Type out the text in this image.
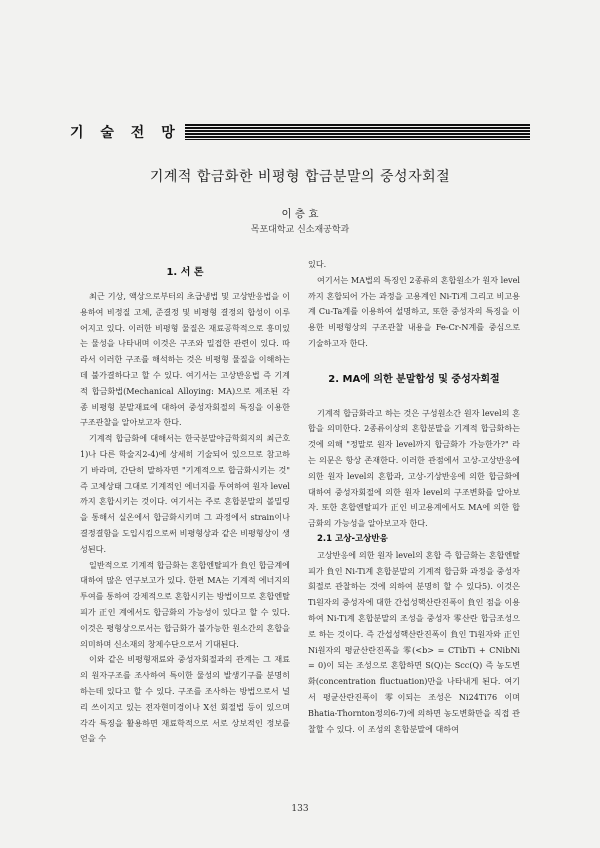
기 술 전 망
기계적 합금화한 비평형 합금분말의 중성자회절
이 층 효
목포대학교 신소재공학과
1. 서 론

최근 기상, 액상으로부터의 초급냉법 및 고상반응법을 이용하여 비정질 고체, 준결정 및 비평형 결정의 합성이 이루어지고 있다. 이러한 비평형 물질은 재료공학적으로 흥미있는 물성을 나타내며 이것은 구조와 밀접한 관련이 있다. 따라서 이러한 구조를 해석하는 것은 비평형 물질을 이해하는데 불가결하다고 할 수 있다. 여기서는 고상반응법 즉 기계적 합금화법(Mechanical Alloying: MA)으로 제조된 각종 비평형 분말재료에 대하여 중성자회절의 특징을 이용한 구조관찰을 알아보고자 한다.

기계적 합금화에 대해서는 한국분말야금학회지의 최근호1)나 다른 학술지2-4)에 상세히 기술되어 있으므로 참고하기 바라며, 간단히 말하자면 "기계적으로 합금화시키는 것" 즉 고체상태 그대로 기계적인 에너지를 투여하여 원자 level까지 혼합시키는 것이다. 여기서는 주로 혼합분말의 볼밀링을 통해서 실온에서 합금화시키며 그 과정에서 strain이나 결정결함을 도입시킴으로써 비평형상과 같은 비평형상이 생성된다.

일반적으로 기계적 합금화는 혼합엔탈피가 負인 합금계에 대하여 많은 연구보고가 있다. 한편 MA는 기계적 에너지의 투여를 통하여 강제적으로 혼합시키는 방법이므로 혼합엔탈피가 正인 계에서도 합금화의 가능성이 있다고 할 수 있다. 이것은 평형상으로서는 합금화가 불가능한 원소간의 혼합을 의미하며 신소재의 창제수단으로서 기대된다.

이와 같은 비평형재료와 중성자회절과의 관계는 그 재료의 원자구조를 조사하여 특이한 물성의 발생기구를 분명히 하는데 있다고 할 수 있다. 구조를 조사하는 방법으로서 널리 쓰이지고 있는 전자현미경이나 X선 회절법 등이 있으며 각각 특징을 활용하면 재료학적으로 서로 상보적인 정보를 얻을 수

있다.

여기서는 MA법의 특징인 2종류의 혼합원소가 원자 level까지 혼합되어 가는 과정을 고용계인 Ni-Ti계 그리고 비고용계 Cu-Ta계를 이용하여 설명하고, 또한 중성자의 특징을 이용한 비평형상의 구조관찰 내용을 Fe-Cr-N계를 중심으로 기술하고자 한다.

2. MA에 의한 분말합성 및 중성자회절

기계적 합금화라고 하는 것은 구성원소간 원자 level의 혼합을 의미한다. 2종류이상의 혼합분말을 기계적 합금화하는 것에 의해 "정말로 원자 level까지 합금화가 가능한가?" 라는 의문은 항상 존재한다. 이러한 관점에서 고상-고상반응에 의한 원자 level의 혼합과, 고상-기상반응에 의한 합금화에 대하여 중성자회절에 의한 원자 level의 구조변화를 알아보자. 또한 혼합엔탈피가 正인 비고용계에서도 MA에 의한 합금화의 가능성을 알아보고자 한다.

2.1 고상-고상반응

고상반응에 의한 원자 level의 혼합 즉 합금화는 혼합엔탈피가 負인 Ni-Ti계 혼합분말의 기계적 합금화 과정을 중성자 회절로 관찰하는 것에 의하여 분명히 할 수 있다5). 이것은 Ti원자의 중성자에 대한 간섭성핵산란진폭이 負인 점을 이용하여 Ni-Ti계 혼합분말의 조성을 중성자 零산란 합금조성으로 하는 것이다. 즉 간섭성핵산란진폭이 負인 Ti원자와 正인 Ni원자의 평균산란진폭을 零(<b> = CTibTi + CNibNi = 0)이 되는 조성으로 혼합하면 S(Q)는 Scc(Q) 즉 농도변화(concentration fluctuation)만을 나타내게 된다. 여기서 평균산란진폭이 零이되는 조성은 Ni24Ti76 이며 Bhatia-Thornton정의6-7)에 의하면 농도변화만을 직접 관찰할 수 있다. 이 조성의 혼합분말에 대하여

133
